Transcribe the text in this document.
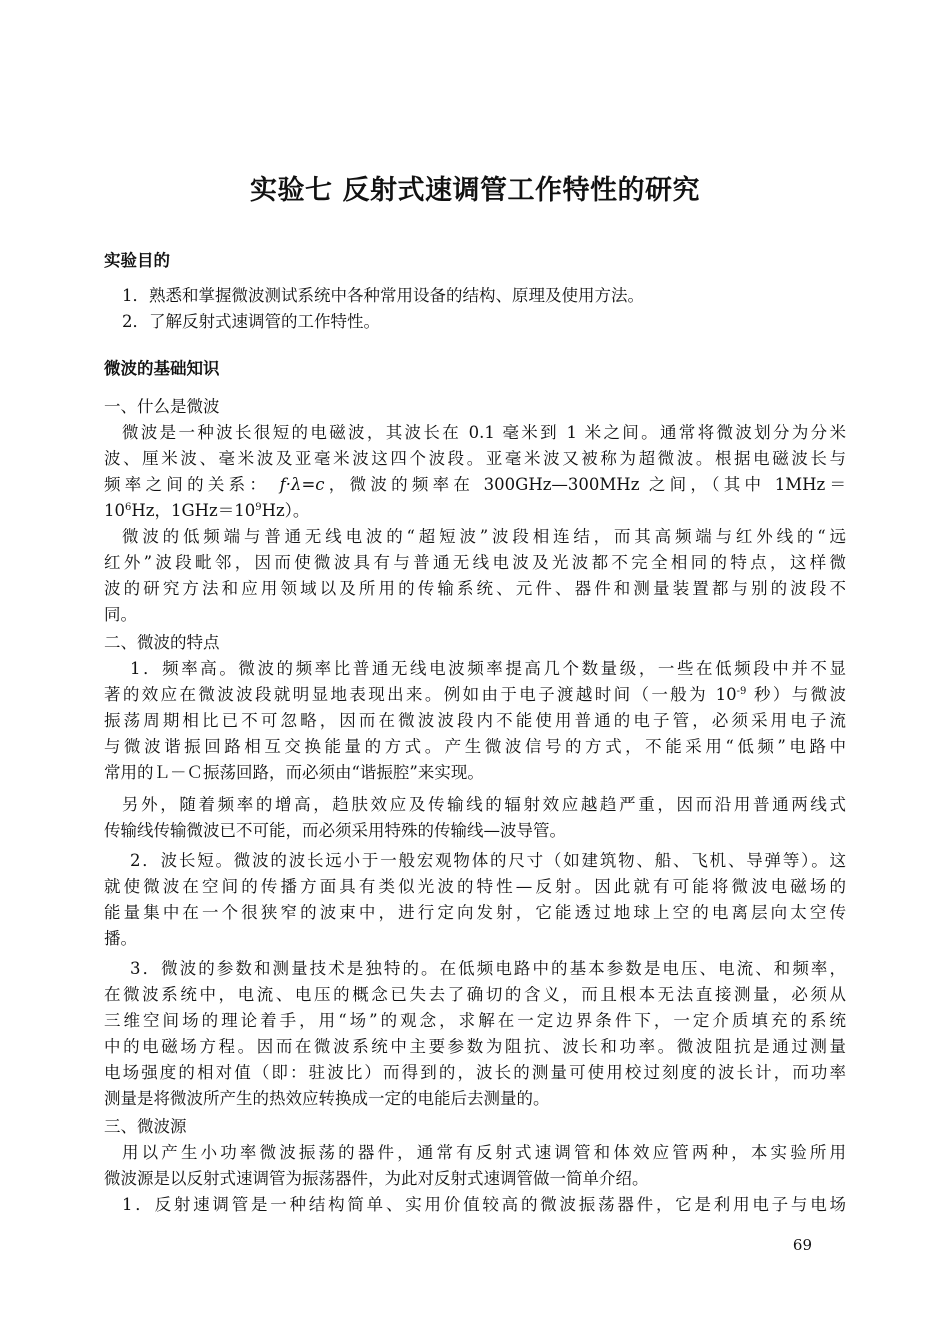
实验七 反射式速调管工作特性的研究
实验目的
1．熟悉和掌握微波测试系统中各种常用设备的结构、原理及使用方法。
2．了解反射式速调管的工作特性。
微波的基础知识
一、什么是微波
微波是一种波长很短的电磁波，其波长在 0.1 毫米到 1 米之间。通常将微波划分为分米
波、厘米波、毫米波及亚毫米波这四个波段。亚毫米波又被称为超微波。根据电磁波长与
频率之间的关系： f·λ=c，微波的频率在 300GHz—300MHz 之间，（其中 1MHz＝
$10^6Hz$，$1GHz=10^9Hz$）。
微波的低频端与普通无线电波的“超短波”波段相连结，而其高频端与红外线的“远
红外”波段毗邻，因而使微波具有与普通无线电波及光波都不完全相同的特点，这样微
波的研究方法和应用领域以及所用的传输系统、元件、器件和测量装置都与别的波段不
同。
二、微波的特点
1．频率高。微波的频率比普通无线电波频率提高几个数量级，一些在低频段中并不显
著的效应在微波波段就明显地表现出来。例如由于电子渡越时间（一般为 $10^{-9}$ 秒）与微波
振荡周期相比已不可忽略，因而在微波波段内不能使用普通的电子管，必须采用电子流
与微波谐振回路相互交换能量的方式。产生微波信号的方式，不能采用“低频”电路中
常用的Ｌ－Ｃ振荡回路，而必须由“谐振腔”来实现。
另外，随着频率的增高，趋肤效应及传输线的辐射效应越趋严重，因而沿用普通两线式
传输线传输微波已不可能，而必须采用特殊的传输线—波导管。
2．波长短。微波的波长远小于一般宏观物体的尺寸（如建筑物、船、飞机、导弹等）。这
就使微波在空间的传播方面具有类似光波的特性—反射。因此就有可能将微波电磁场的
能量集中在一个很狭窄的波束中，进行定向发射，它能透过地球上空的电离层向太空传
播。
3．微波的参数和测量技术是独特的。在低频电路中的基本参数是电压、电流、和频率，
在微波系统中，电流、电压的概念已失去了确切的含义，而且根本无法直接测量，必须从
三维空间场的理论着手，用“场”的观念，求解在一定边界条件下，一定介质填充的系统
中的电磁场方程。因而在微波系统中主要参数为阻抗、波长和功率。微波阻抗是通过测量
电场强度的相对值（即：驻波比）而得到的，波长的测量可使用校过刻度的波长计，而功率
测量是将微波所产生的热效应转换成一定的电能后去测量的。
三、微波源
用以产生小功率微波振荡的器件，通常有反射式速调管和体效应管两种，本实验所用
微波源是以反射式速调管为振荡器件，为此对反射式速调管做一简单介绍。
1．反射速调管是一种结构简单、实用价值较高的微波振荡器件，它是利用电子与电场
69
